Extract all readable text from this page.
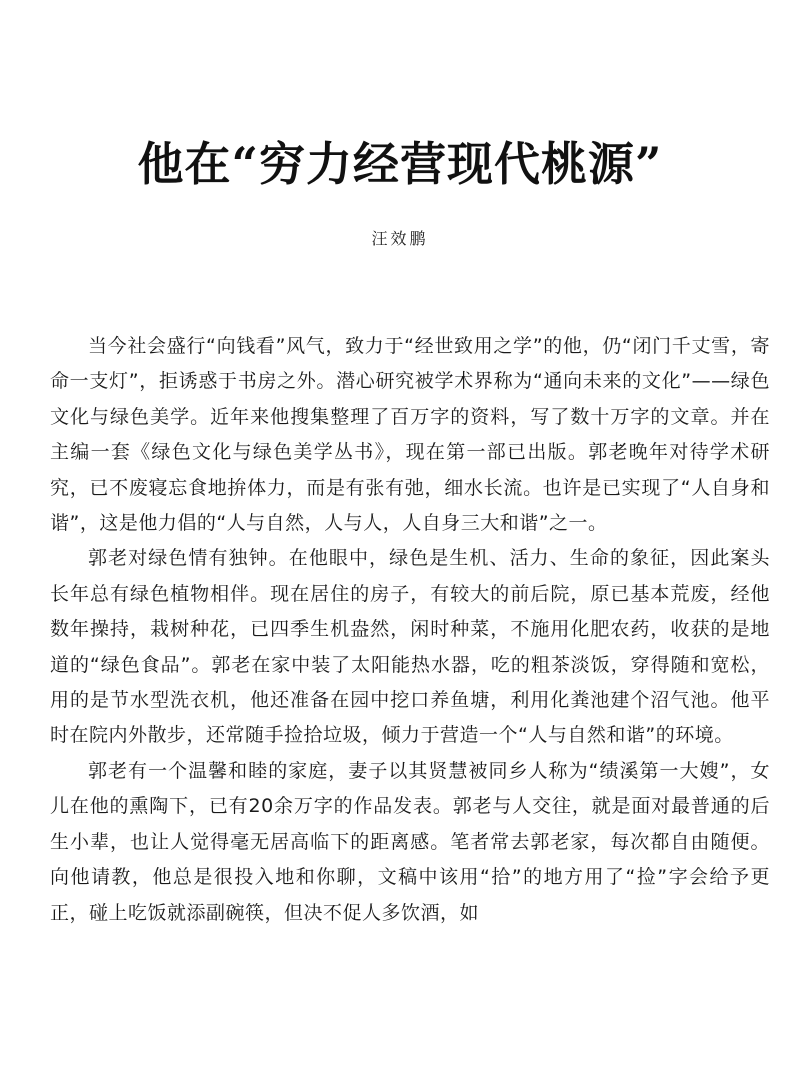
他在“穷力经营现代桃源”
汪效鹏

当今社会盛行“向钱看”风气，致力于“经世致用之学”的他，仍“闭门千丈雪，寄命一支灯”，拒诱惑于书房之外。潜心研究被学术界称为“通向未来的文化”——绿色文化与绿色美学。近年来他搜集整理了百万字的资料，写了数十万字的文章。并在主编一套《绿色文化与绿色美学丛书》，现在第一部已出版。郭老晚年对待学术研究，已不废寝忘食地拚体力，而是有张有弛，细水长流。也许是已实现了“人自身和谐”，这是他力倡的“人与自然，人与人，人自身三大和谐”之一。

郭老对绿色情有独钟。在他眼中，绿色是生机、活力、生命的象征，因此案头长年总有绿色植物相伴。现在居住的房子，有较大的前后院，原已基本荒废，经他数年操持，栽树种花，已四季生机盎然，闲时种菜，不施用化肥农药，收获的是地道的“绿色食品”。郭老在家中装了太阳能热水器，吃的粗茶淡饭，穿得随和宽松，用的是节水型洗衣机，他还准备在园中挖口养鱼塘，利用化粪池建个沼气池。他平时在院内外散步，还常随手捡拾垃圾，倾力于营造一个“人与自然和谐”的环境。

郭老有一个温馨和睦的家庭，妻子以其贤慧被同乡人称为“绩溪第一大嫂”，女儿在他的熏陶下，已有20余万字的作品发表。郭老与人交往，就是面对最普通的后生小辈，也让人觉得毫无居高临下的距离感。笔者常去郭老家，每次都自由随便。向他请教，他总是很投入地和你聊，文稿中该用“拾”的地方用了“捡”字会给予更正，碰上吃饭就添副碗筷，但决不促人多饮酒，如
